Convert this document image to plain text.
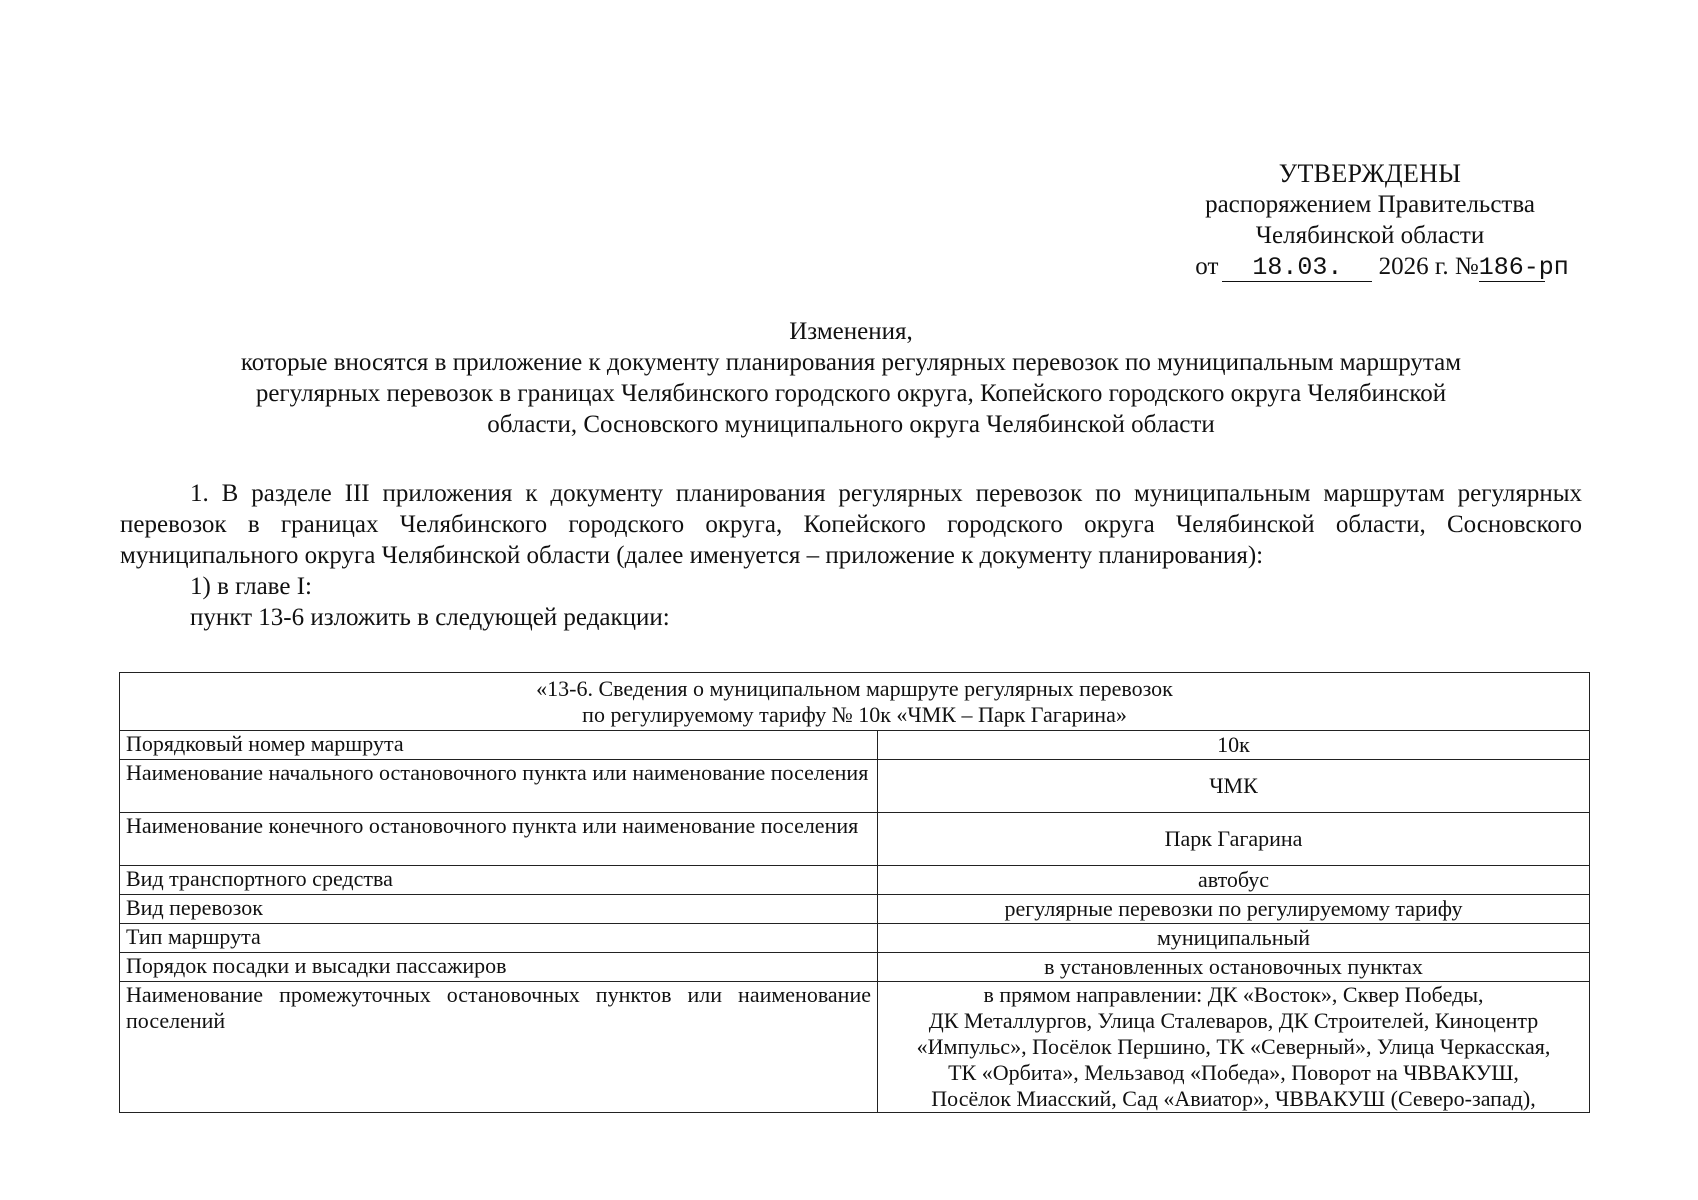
УТВЕРЖДЕНЫ
распоряжением Правительства
Челябинской области
от 18.03. 2026 г. №186-рп
Изменения,
которые вносятся в приложение к документу планирования регулярных перевозок по муниципальным маршрутам
регулярных перевозок в границах Челябинского городского округа, Копейского городского округа Челябинской
области, Сосновского муниципального округа Челябинской области

1. В разделе III приложения к документу планирования регулярных перевозок по муниципальным маршрутам регулярных перевозок в границах Челябинского городского округа, Копейского городского округа Челябинской области, Сосновского муниципального округа Челябинской области (далее именуется – приложение к документу планирования):

1) в главе I:

пункт 13-6 изложить в следующей редакции:

«13-6. Сведения о муниципальном маршруте регулярных перевозок
по регулируемому тарифу № 10к «ЧМК – Парк Гагарина»	

Порядковый номер маршрута	10к
Наименование начального остановочного пункта или наименование поселения	ЧМК
Наименование конечного остановочного пункта или наименование поселения	Парк Гагарина
Вид транспортного средства	автобус
Вид перевозок	регулярные перевозки по регулируемому тарифу
Тип маршрута	муниципальный
Порядок посадки и высадки пассажиров	в установленных остановочных пунктах
Наименование промежуточных остановочных пунктов или наименование поселений	в прямом направлении: ДК «Восток», Сквер Победы,
ДК Металлургов, Улица Сталеваров, ДК Строителей, Киноцентр
«Импульс», Посёлок Першино, ТК «Северный», Улица Черкасская,
ТК «Орбита», Мельзавод «Победа», Поворот на ЧВВАКУШ,
Посёлок Миасский, Сад «Авиатор», ЧВВАКУШ (Северо-запад),
